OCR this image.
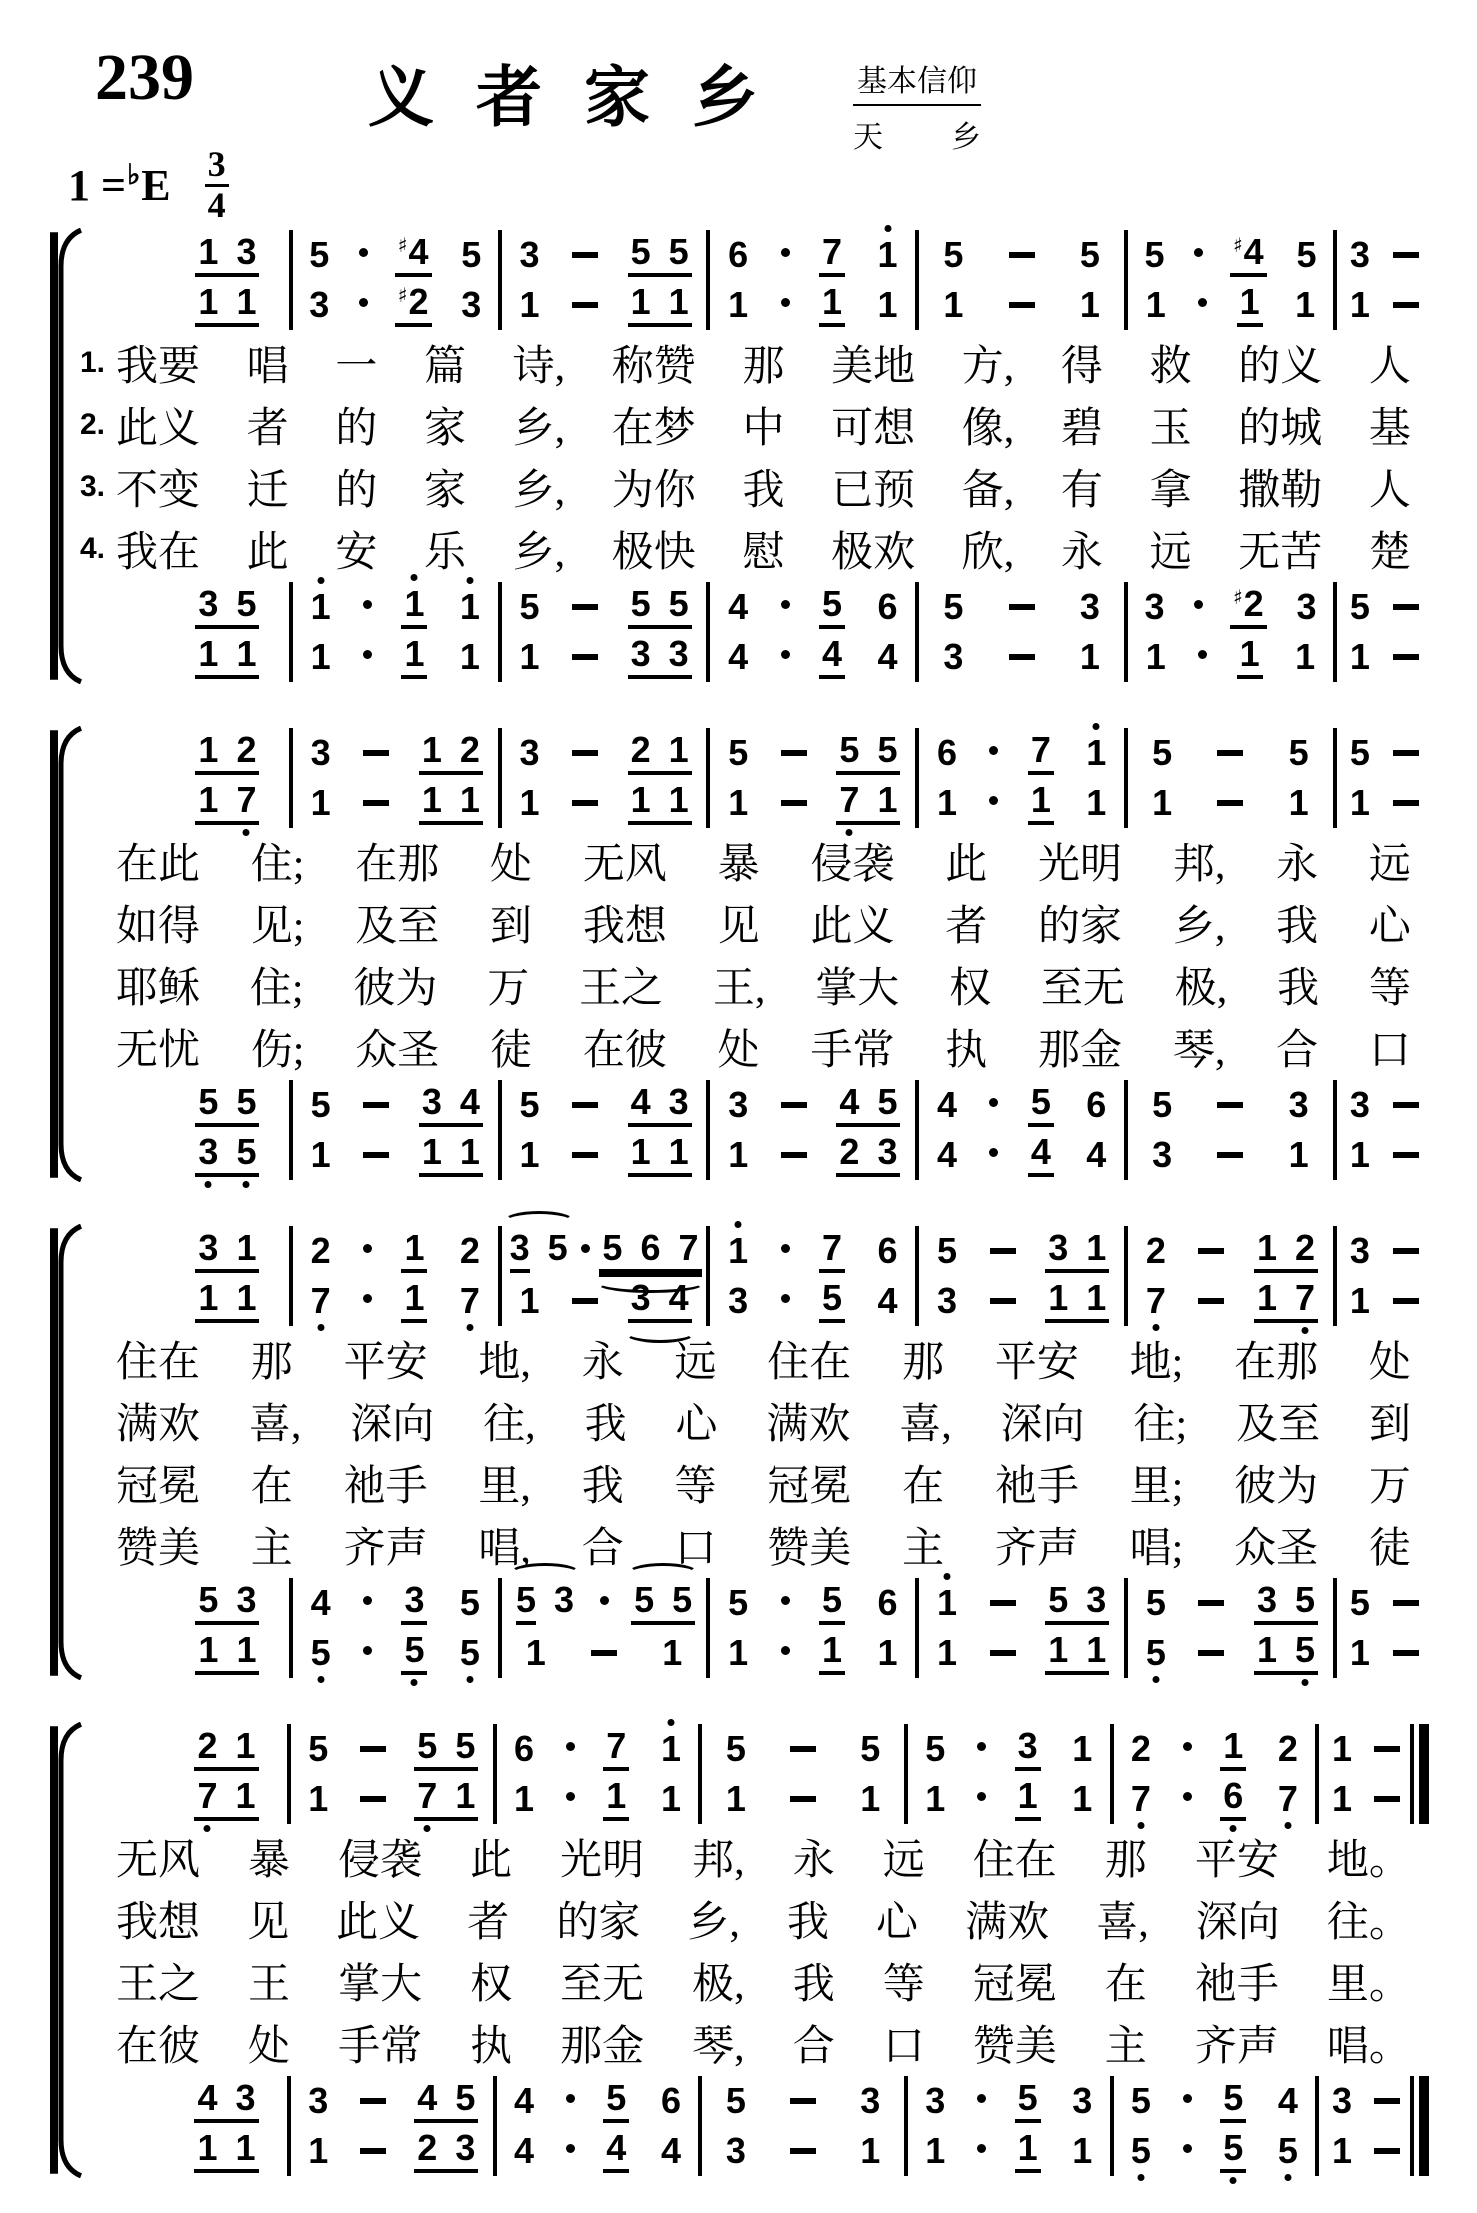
239	义者家乡 基本信仰
天 乡
$1 =^♭E \frac{3}{4}$
1 3
1 1
5	♯4 5
3	♯2 3
3	5 5
1	1 1
6 7 1
1 1 1
5	5
1	1
5	♯4 5
1 1 1
3
1
1. 我要 唱 一 篇 诗, 称赞 那 美地 方, 得 救 的义 人
2. 此义 者 的 家 乡, 在梦 中 可想 像, 碧 玉 的城 基
3. 不变 迁 的 家 乡, 为你 我 已预 备, 有 拿 撒勒 人
4. 我在 此 安 乐 乡, 极快 慰 极欢 欣, 永 远 无苦 楚
3 5
1 1
1 1 1
1 1 1
5	5 5
1	3 3
4 5 6
4 4 4
5	3
3	1
3	♯2 3
1 1 1
5
1
1 2
1 7
3	1 2
1	1 1
3	2 1
1	1 1
5	5 5
1	7 1
6 7 1
1 1 1
5	5
1	1
5
1
在此 住; 在那 处 无风 暴 侵袭 此 光明 邦, 永 远
如得 见; 及至 到 我想 见 此义 者 的家 乡, 我 心
耶稣 住; 彼为 万 王之 王, 掌大 权 至无 极, 我 等
无忧 伤; 众圣 徒 在彼 处 手常 执 那金 琴, 合 口
5 5
3 5
5	3 4
1	1 1
5	4 3
1	1 1
3	4 5
1	2 3
4 5 6
4 4 4
5	3
3	1
3
1
3 1
1 1
2 1 2
7 1 7
3 5 5 6 7
1	3 4
1 7 6
3 5 4
5	3 1
3	1 1
2	1 2
7	1 7
3
1
住在 那 平安 地, 永 远 住在 那 平安 地; 在那 处
满欢 喜, 深向 往, 我 心 满欢 喜, 深向 往; 及至 到
冠冕 在 祂手 里, 我 等 冠冕 在 祂手 里; 彼为 万
赞美 主 齐声 唱, 合 口 赞美 主 齐声 唱; 众圣 徒
5 3
1 1
4 3 5
5 5 5
5 3 5 5
1	1
5 5 6
1 1 1
1	5 3
1	1 1
5	3 5
5	1 5
5
1
2 1
7 1
5 5 5
1 7 1
6 7 1
1 1 1
5	5
1	1
5 3 1
1 1 1
2 1 2
7 6 7
1
1
无风 暴 侵袭 此 光明 邦, 永 远 住在 那 平安 地。
我想 见 此义 者 的家 乡, 我 心 满欢 喜, 深向 往。
王之 王 掌大 权 至无 极, 我 等 冠冕 在 祂手 里。
在彼 处 手常 执 那金 琴, 合 口 赞美 主 齐声 唱。
4 3
1 1
3 4 5
1 2 3
4 5 6
4 4 4
5	3
3	1
3 5 3
1 1 1
5 5 4
5 5 5
3
1
